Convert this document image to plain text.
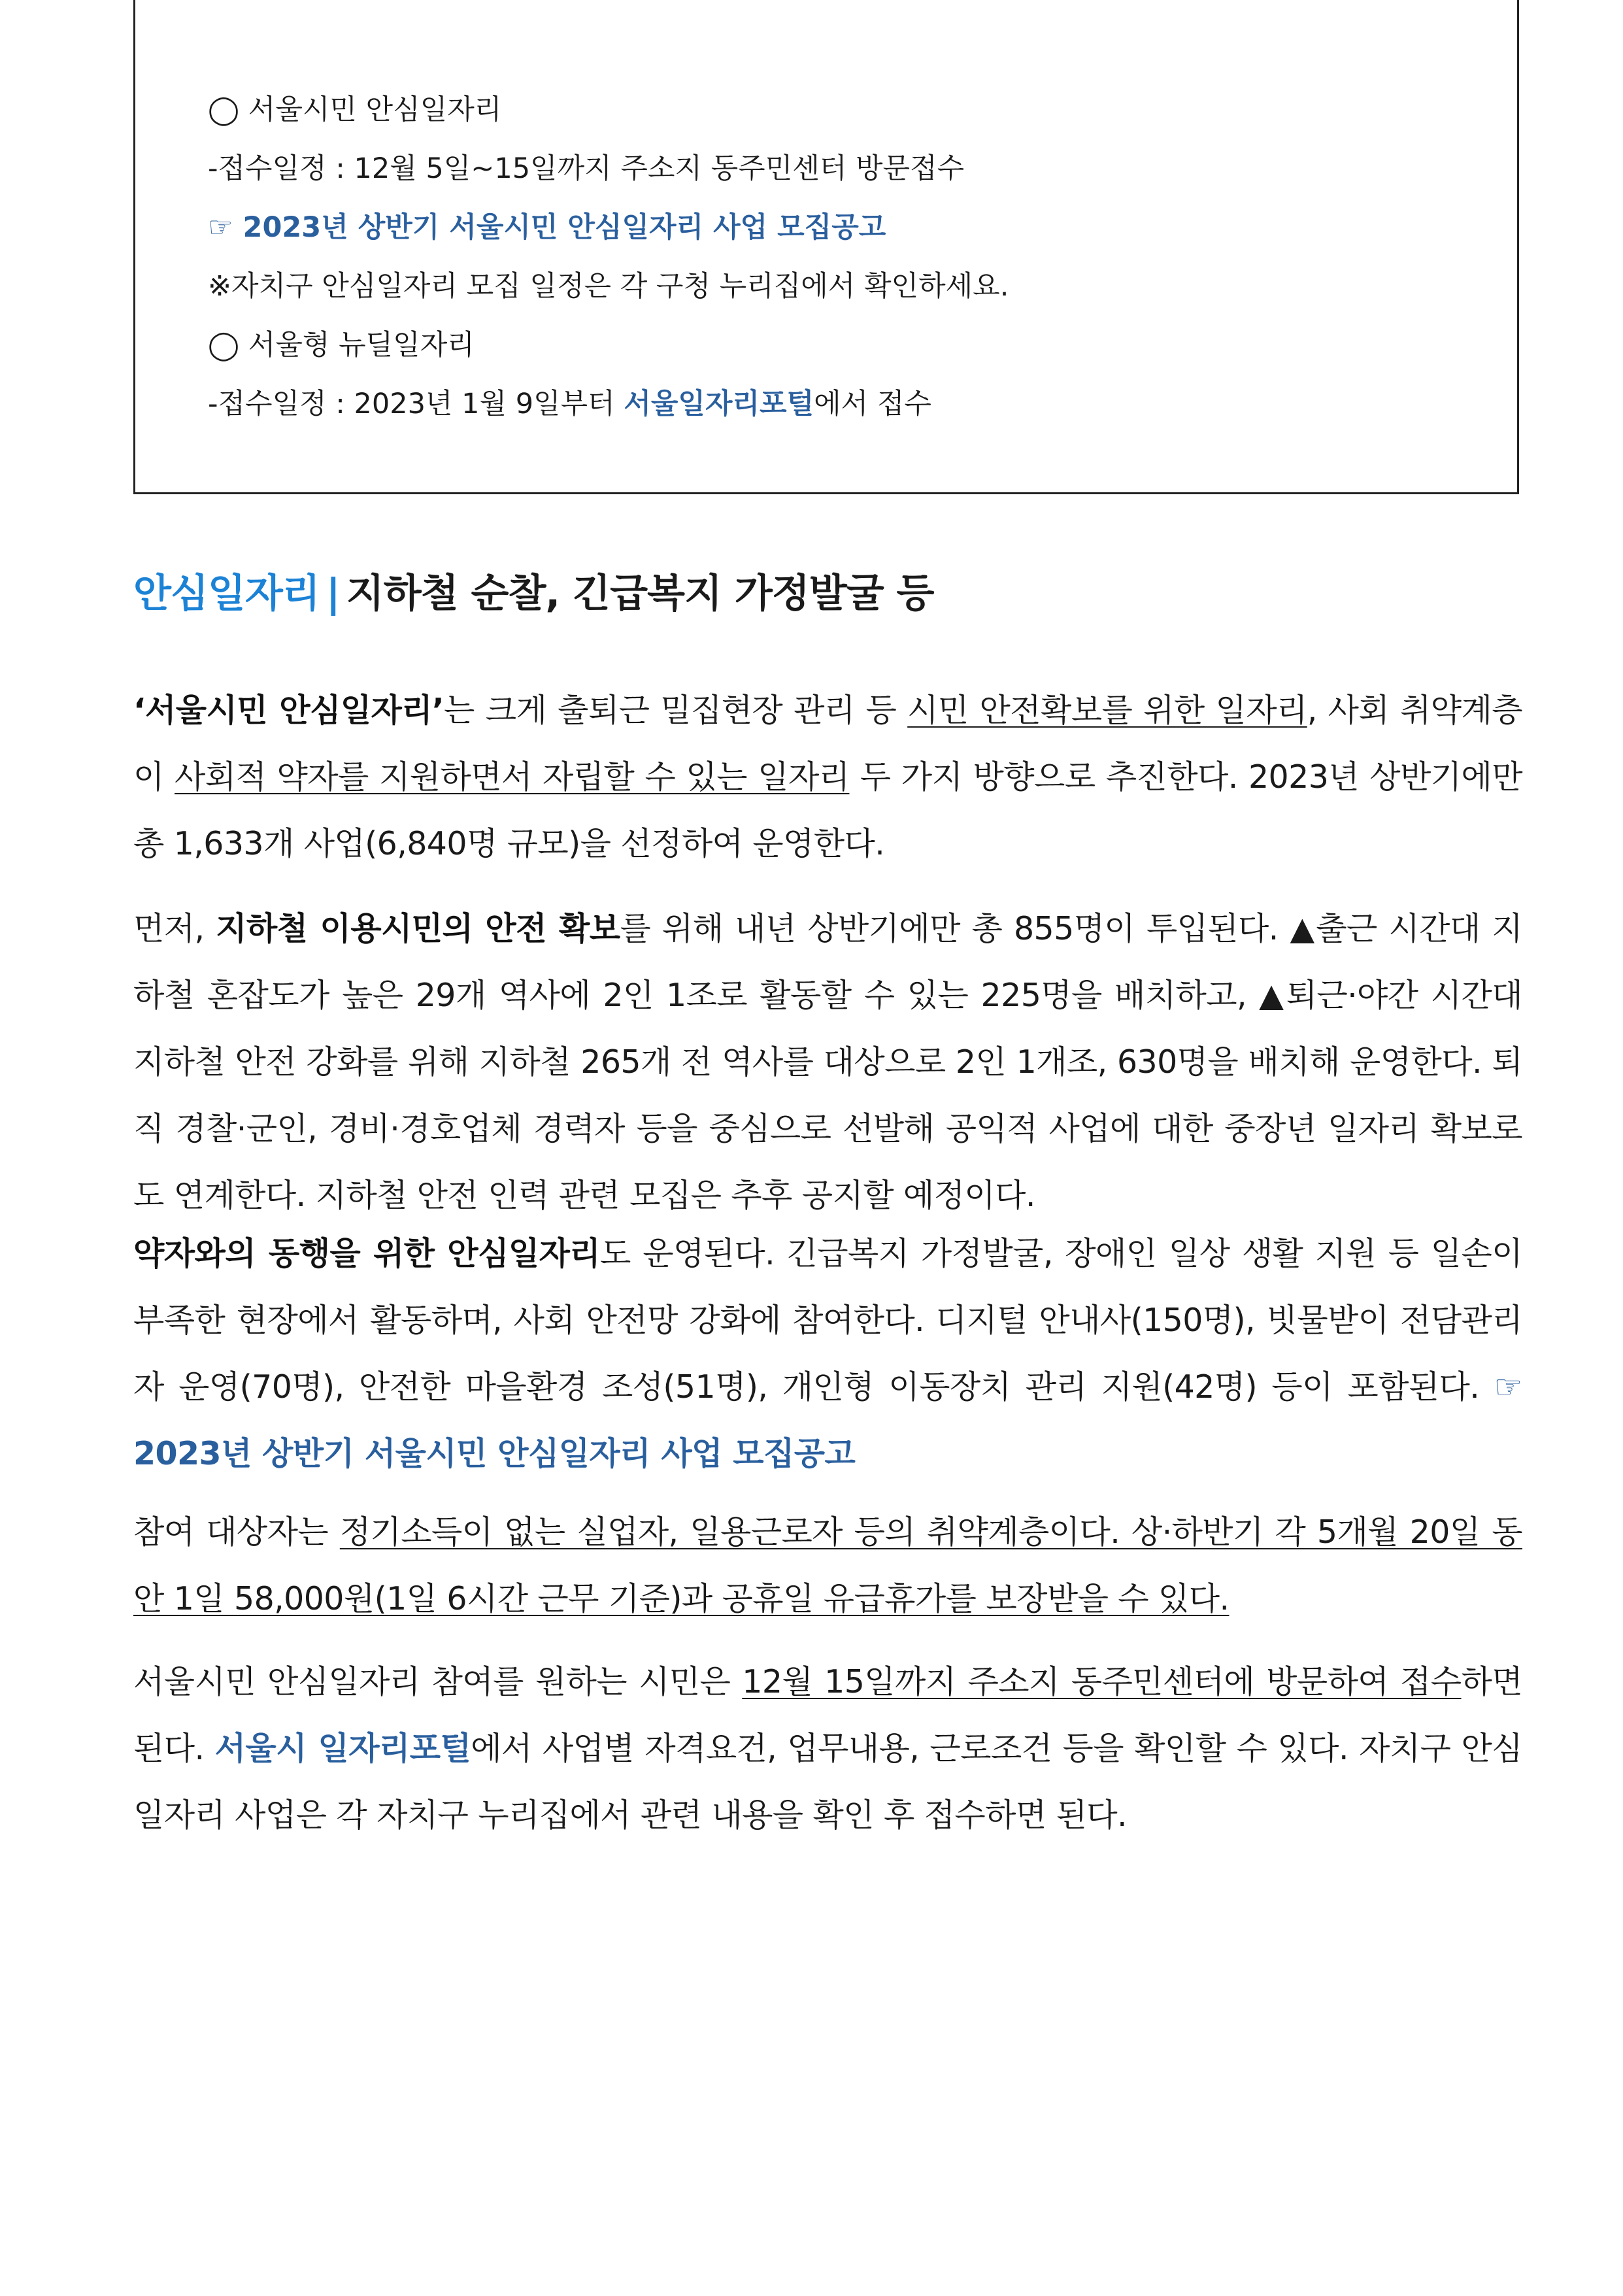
◯ 서울시민 안심일자리
-접수일정 : 12월 5일~15일까지 주소지 동주민센터 방문접수
☞ 2023년 상반기 서울시민 안심일자리 사업 모집공고
※자치구 안심일자리 모집 일정은 각 구청 누리집에서 확인하세요.
◯ 서울형 뉴딜일자리
-접수일정 : 2023년 1월 9일부터 서울일자리포털에서 접수
안심일자리 | 지하철 순찰, 긴급복지 가정발굴 등
‘서울시민 안심일자리’는 크게 출퇴근 밀집현장 관리 등 시민 안전확보를 위한 일자리, 사회 취약계층이 사회적 약자를 지원하면서 자립할 수 있는 일자리 두 가지 방향으로 추진한다. 2023년 상반기에만 총 1,633개 사업(6,840명 규모)을 선정하여 운영한다.
먼저, 지하철 이용시민의 안전 확보를 위해 내년 상반기에만 총 855명이 투입된다. ▲출근 시간대 지하철 혼잡도가 높은 29개 역사에 2인 1조로 활동할 수 있는 225명을 배치하고, ▲퇴근·야간 시간대 지하철 안전 강화를 위해 지하철 265개 전 역사를 대상으로 2인 1개조, 630명을 배치해 운영한다. 퇴직 경찰·군인, 경비·경호업체 경력자 등을 중심으로 선발해 공익적 사업에 대한 중장년 일자리 확보로도 연계한다. 지하철 안전 인력 관련 모집은 추후 공지할 예정이다.
약자와의 동행을 위한 안심일자리도 운영된다. 긴급복지 가정발굴, 장애인 일상 생활 지원 등 일손이 부족한 현장에서 활동하며, 사회 안전망 강화에 참여한다. 디지털 안내사(150명), 빗물받이 전담관리자 운영(70명), 안전한 마을환경 조성(51명), 개인형 이동장치 관리 지원(42명) 등이 포함된다. ☞ 2023년 상반기 서울시민 안심일자리 사업 모집공고
참여 대상자는 정기소득이 없는 실업자, 일용근로자 등의 취약계층이다. 상·하반기 각 5개월 20일 동안 1일 58,000원(1일 6시간 근무 기준)과 공휴일 유급휴가를 보장받을 수 있다.
서울시민 안심일자리 참여를 원하는 시민은 12월 15일까지 주소지 동주민센터에 방문하여 접수하면 된다. 서울시 일자리포털에서 사업별 자격요건, 업무내용, 근로조건 등을 확인할 수 있다. 자치구 안심일자리 사업은 각 자치구 누리집에서 관련 내용을 확인 후 접수하면 된다.
